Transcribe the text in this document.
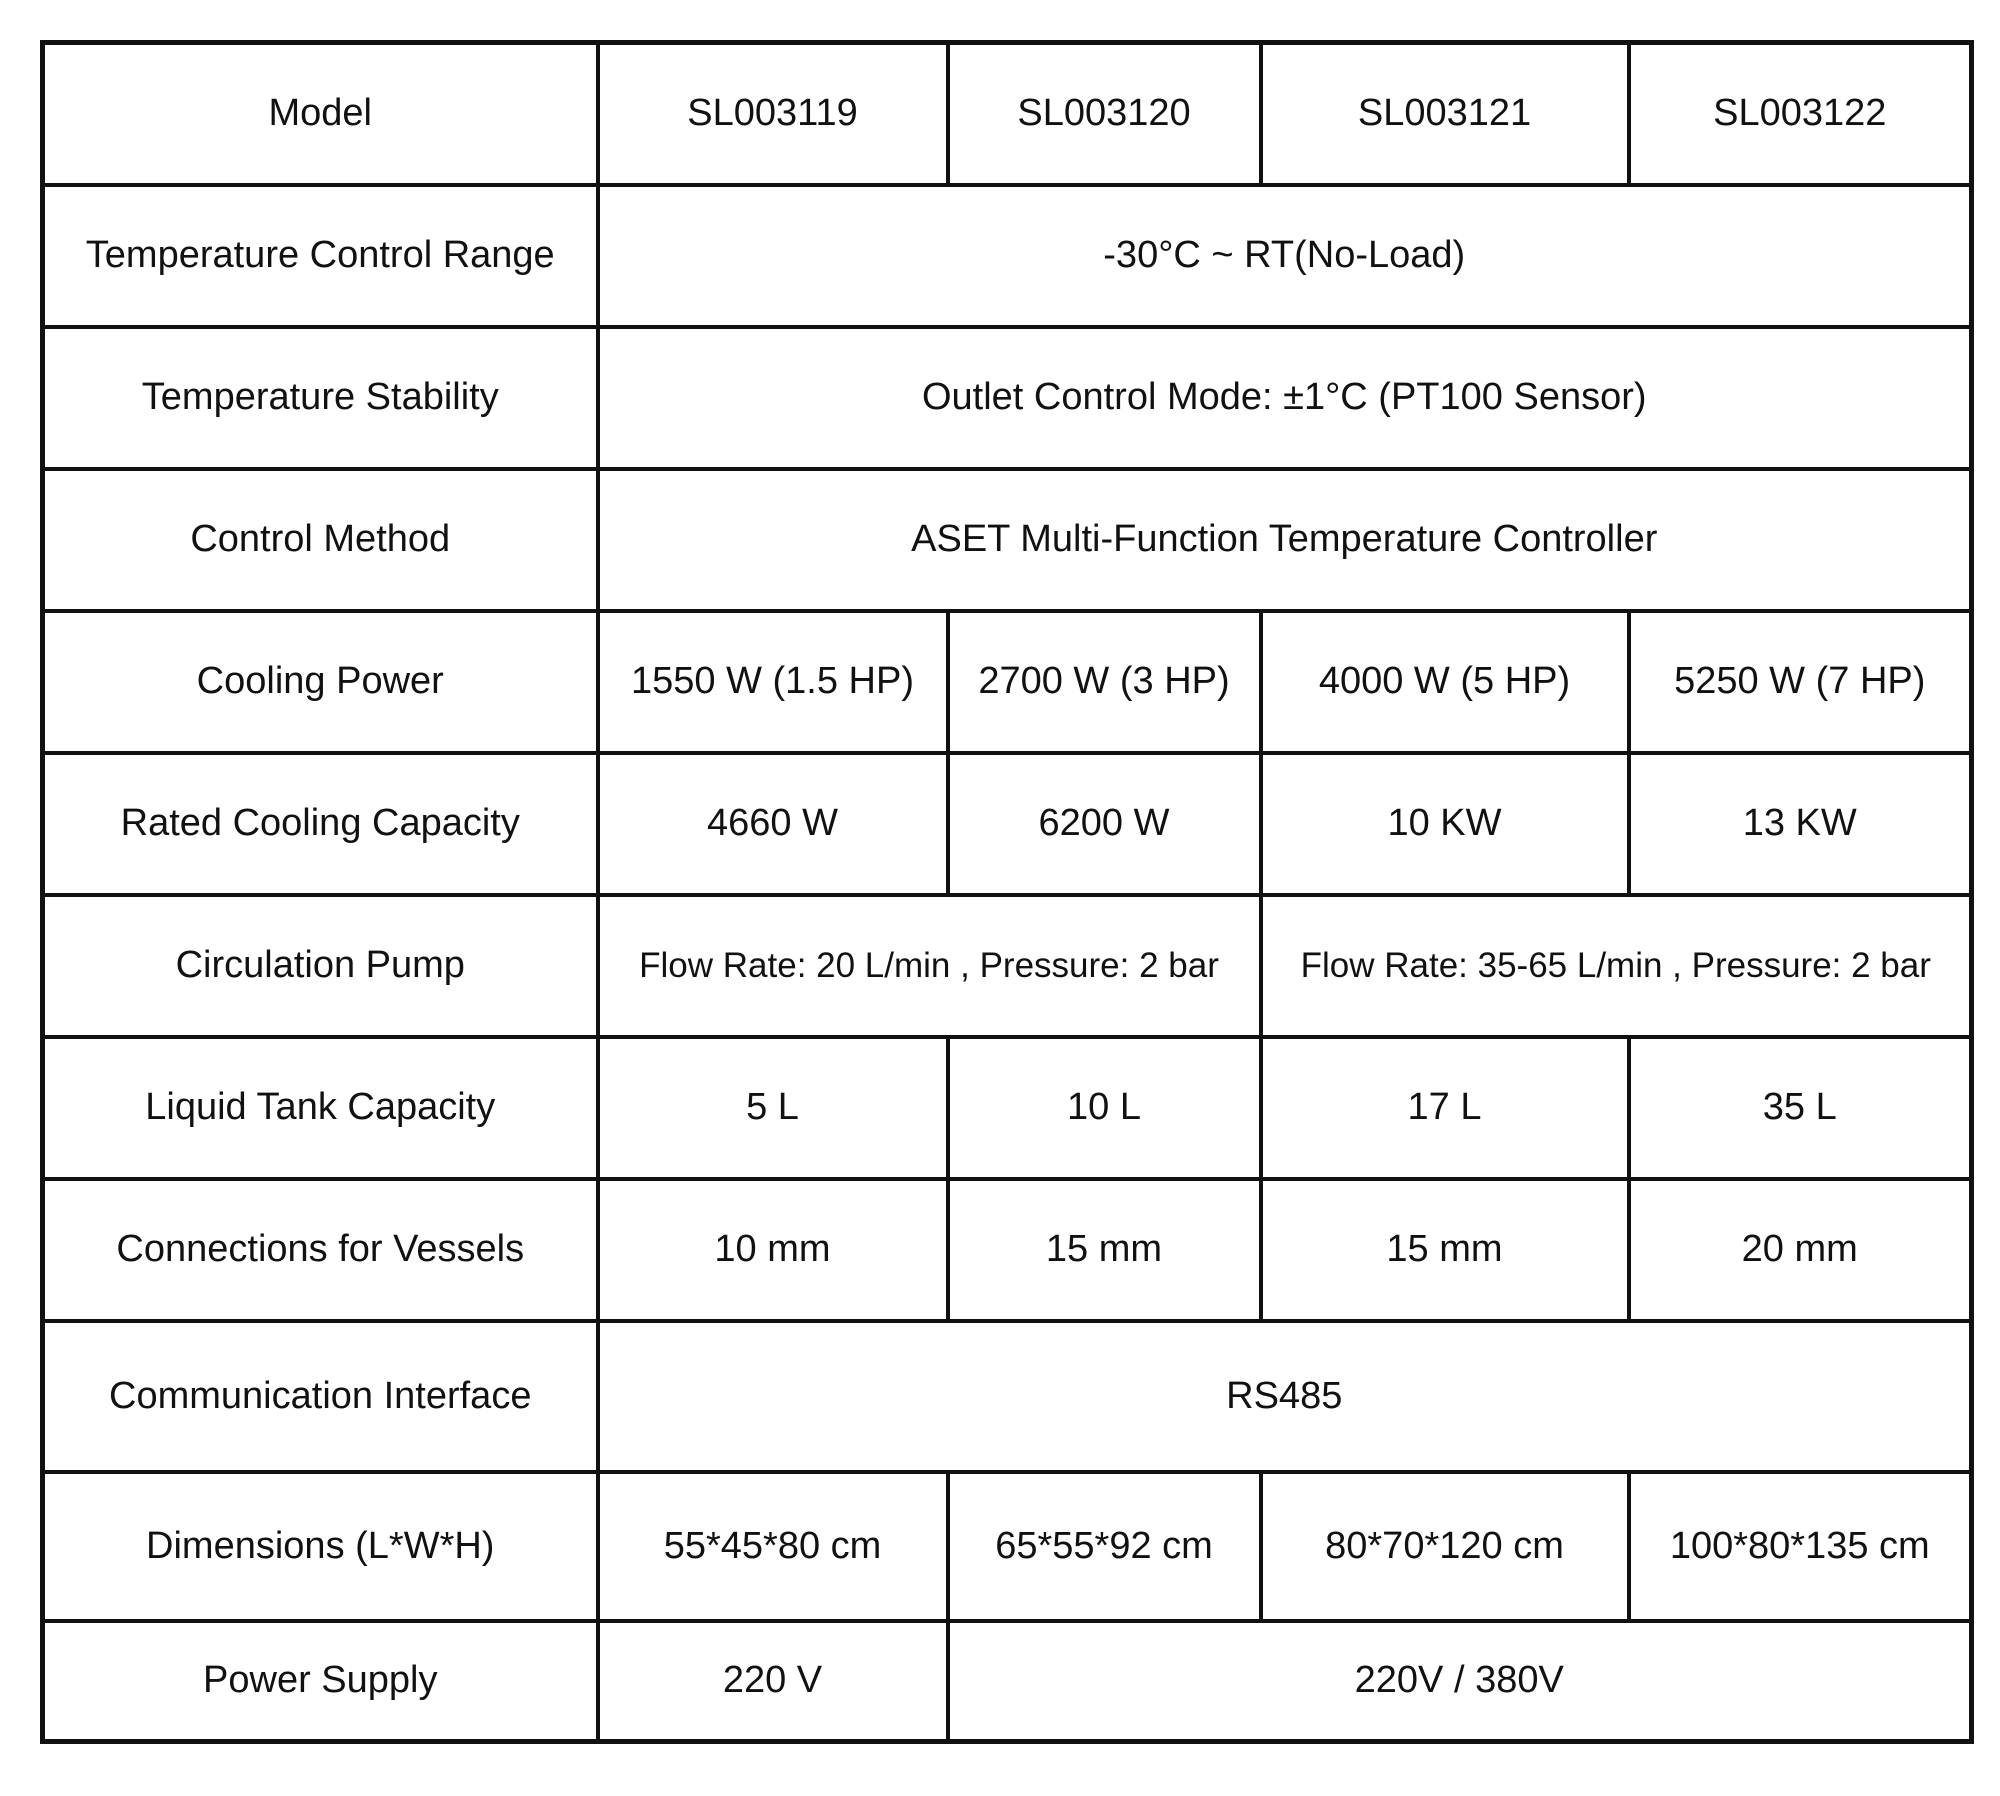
Model	SL003119	SL003120	SL003121	SL003122
Temperature Control Range	-30°C ~ RT(No-Load)			
Temperature Stability	Outlet Control Mode: ±1°C (PT100 Sensor)			
Control Method	ASET Multi-Function Temperature Controller			
Cooling Power	1550 W (1.5 HP)	2700 W (3 HP)	4000 W (5 HP)	5250 W (7 HP)
Rated Cooling Capacity	4660 W	6200 W	10 KW	13 KW
Circulation Pump	Flow Rate: 20 L/min , Pressure: 2 bar		Flow Rate: 35-65 L/min , Pressure: 2 bar	
Liquid Tank Capacity	5 L	10 L	17 L	35 L
Connections for Vessels	10 mm	15 mm	15 mm	20 mm
Communication Interface	RS485			
Dimensions (L*W*H)	55*45*80 cm	65*55*92 cm	80*70*120 cm	100*80*135 cm
Power Supply	220 V	220V / 380V		
